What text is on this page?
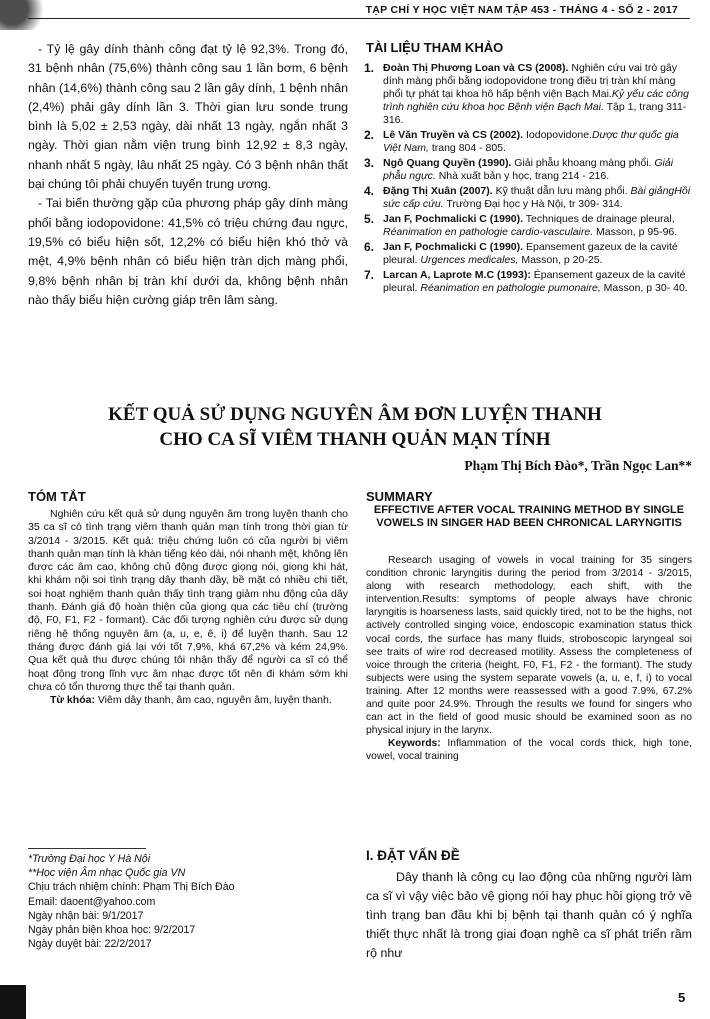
TẠP CHÍ Y HỌC VIỆT NAM TẬP 453 - THÁNG 4 - SỐ 2 - 2017

- Tỷ lệ gây dính thành công đạt tỷ lệ 92,3%. Trong đó, 31 bệnh nhân (75,6%) thành công sau 1 lần bơm, 6 bệnh nhân (14,6%) thành công sau 2 lần gây dính, 1 bệnh nhân (2,4%) phải gây dính lần 3. Thời gian lưu sonde trung bình là 5,02 ± 2,53 ngày, dài nhất 13 ngày, ngắn nhất 3 ngày. Thời gian nằm viện trung bình 12,92 ± 8,3 ngày, nhanh nhất 5 ngày, lâu nhất 25 ngày. Có 3 bệnh nhân thất bại chúng tôi phải chuyển tuyến trung ương.

- Tai biến thường gặp của phương pháp gây dính màng phổi bằng iodopovidone: 41,5% có triệu chứng đau ngực, 19,5% có biểu hiện sốt, 12,2% có biểu hiện khó thở và mệt, 4,9% bệnh nhân có biểu hiện tràn dịch màng phổi, 9,8% bệnh nhân bị tràn khí dưới da, không bệnh nhân nào thấy biểu hiện cường giáp trên lâm sàng.

TÀI LIỆU THAM KHẢO
1. Đoàn Thị Phương Loan và CS (2008). Nghiên cứu vai trò gây dính màng phổi bằng iodopovidone trong điều trị tràn khí màng phổi tự phát tại khoa hô hấp bệnh viện Bạch Mai.Kỷ yếu các công trình nghiên cứu khoa học Bệnh viện Bạch Mai. Tập 1, trang 311-316.
2. Lê Văn Truyền và CS (2002). Iodopovidone.Dược thư quốc gia Việt Nam, trang 804 - 805.
3. Ngô Quang Quyền (1990). Giải phẫu khoang màng phổi. Giải phẫu ngực. Nhà xuất bản y học, trang 214 - 216.
4. Đặng Thị Xuân (2007). Kỹ thuật dẫn lưu màng phổi. Bài giảngHồi sức cấp cứu. Trường Đại học y Hà Nội, tr 309- 314.
5. Jan F, Pochmalicki C (1990). Techniques de drainage pleural, Réanimation en pathologie cardio-vasculaire. Masson, p 95-96.
6. Jan F, Pochmalicki C (1990). Epansement gazeux de la cavité pleural. Urgences medicales, Masson, p 20-25.
7. Larcan A, Laprote M.C (1993): Épansement gazeux de la cavité pleural. Réanimation en pathologie pumonaire, Masson, p 30- 40.
KẾT QUẢ SỬ DỤNG NGUYÊN ÂM ĐƠN LUYỆN THANH
CHO CA SĨ VIÊM THANH QUẢN MẠN TÍNH
Phạm Thị Bích Đào*, Trần Ngọc Lan**
TÓM TẮT

Nghiên cứu kết quả sử dụng nguyên âm trong luyện thanh cho 35 ca sĩ có tình trạng viêm thanh quản mạn tính trong thời gian từ 3/2014 - 3/2015. Kết quả: triệu chứng luôn có của người bị viêm thanh quản mạn tính là khàn tiếng kéo dài, nói nhanh mệt, không lên được các âm cao, không chủ động được giọng nói, giọng khi hát, khi khám nội soi tình trạng dây thanh dầy, bề mặt có nhiều chi tiết, soi hoạt nghiệm thanh quản thấy tình trạng giảm nhu động của dây thanh. Đánh giá độ hoàn thiện của giọng qua các tiêu chí (trường độ, F0, F1, F2 - formant). Các đối tượng nghiên cứu được sử dụng riêng hệ thống nguyên âm (a, u, e, ê, i) để luyện thanh. Sau 12 tháng được đánh giá lại với tốt 7,9%, khá 67,2% và kém 24,9%. Qua kết quả thu được chúng tôi nhận thấy để người ca sĩ có thể hoạt động trong lĩnh vực âm nhạc được tốt nên đi khám sớm khi chưa có tổn thương thực thể tại thanh quản.

Từ khóa: Viêm dây thanh, âm cao, nguyên âm, luyện thanh.

SUMMARY
EFFECTIVE AFTER VOCAL TRAINING METHOD BY SINGLE VOWELS IN SINGER HAD BEEN CHRONICAL LARYNGITIS

Research usaging of vowels in vocal training for 35 singers condition chronic laryngitis during the period from 3/2014 - 3/2015, along with research methodology, each shift, with the intervention.Results: symptoms of people always have chronic laryngitis is hoarseness lasts, said quickly tired, not to be the highs, not actively controlled singing voice, endoscopic examination status thick vocal cords, the surface has many fluids, stroboscopic laryngeal soi see traits of wire rod decreased motility. Assess the completeness of voice through the criteria (height, F0, F1, F2 - the formant). The study subjects were using the system separate vowels (a, u, e, f, i) to vocal training. After 12 months were reassessed with a good 7.9%, 67.2% and quite poor 24.9%. Through the results we found for singers who can act in the field of good music should be examined soon as no physical injury in the larynx.

Keywords: Inflammation of the vocal cords thick, high tone, vowel, vocal training

*Trường Đại học Y Hà Nội
**Học viện Âm nhạc Quốc gia VN
Chịu trách nhiệm chính: Phạm Thị Bích Đào
Email: daoent@yahoo.com
Ngày nhận bài: 9/1/2017
Ngày phản biện khoa học: 9/2/2017
Ngày duyệt bài: 22/2/2017
I. ĐẶT VẤN ĐỀ

Dây thanh là công cụ lao động của những người làm ca sĩ vì vậy việc bảo vệ giọng nói hay phục hồi giọng trở về tình trạng ban đầu khi bị bệnh tại thanh quản có ý nghĩa thiết thực nhất là trong giai đoạn nghề ca sĩ phát triển rầm rộ như

5
